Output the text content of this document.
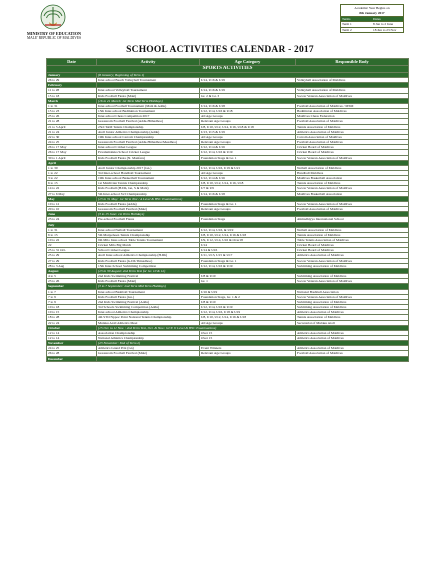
MINISTRY OF EDUCATION
MALE' REPUBLIC OF MALDIVES
Academic Year Begins on
8th January 2017
Terms	Dates
Term 1	8 Jan to 2 June
Term 2	18 Jun to 23 Nov
SCHOOL ACTIVITIES CALENDAR - 2017
Date	Activity	Age Category	Responsible Body
SPORTS ACTIVITIES			
January	(8 January; Beginning of Term 1)		
26 to 29	Inter-school Beach Volleyball Tournament	U14, U16 & U19	Volleyball Association of Maldives
February			
11 to 28	Inter-school Volleyball Tournament	U14, U16 & U19	Volleyball Association of Maldives
15 to 18	Kids Football Fiesta (Malé)	Gr. 2 & Gr. 3	Soccer Veteran Association of Maldives
March	(16 to 21 March: 1st Term Mid Term Holidays)		
1 to 31	Inter-school Football Tournament (Malé & Addu)	U14, U16 & U18	Football Association of Maldives / MSM
15 to 23	15th Inter-school Badminton Tournament	U12, U14, U16 & U18	Badminton Association of Maldives
25 to 26	Inter-school Chess Competition 2017	All Age Groups	Maldives Chess Federation
21 to 28	Greaterom Football Festival (Addu-Hithadhoo)	Relevant Age Groups	Football Association of Maldives
21 to 5 April	23rd TAM Tennis Championship	U8, U10, U12, U14, U16, U18 & U18	Tennis Association of Maldives
21 to 24	Atoll Junior Athletics Championship (Addu)	U13, U15 & U19	Athletics Association of Maldives
22 to 30	19th Inter-school Carrom Championship	All Age Groups	Carrom Association of Maldives
24 to 25	Greaterom Football Festival (Addu-Hithadhoo/Meedhoo)	Relevant Age Groups	Football Association of Maldives
26 to 17 May	Inter-school Cricket League	U12, U14 & U16	Cricket Board of Maldives
26 to 17 May	Pavalumaluka School Cricket League	U12, U14, U16 & U19	Cricket Board of Maldives
30 to 1 April	Kids Football Fiesta (N. Manfaru)	Foundation Stage & Gr. 1	Soccer Veteran Association of Maldives
April			
1 to 30	Atoll Junior Championship 2017 (Gn.)	U12, U14, U16, U19 & U21	Netball Association of Maldives
1 to 22	3rd Inter-school Handball Tournament	All Age Groups	Handball Maldives
3 to 22	19th Inter-school Basketball Tournament	U12, U14 & U16	Maldives Basketball Association
6 to 15	1st Maldivian Tennis Championship	U8, U10, U12, U14, U16, U18	Tennis Association of Maldives
14 to 22	Kids Football (H.Dh, Gn, S & Malé)	U7 & U9	Soccer Veteran Association of Maldives
27 to 6 May	5th Inter-school 3x3 Championship	U14, U16 & U18	Maldives Basketball Association
May	(13 to 31 May: 1st Term Test / A Level & HSC Examinations)		
10 to 12	Kids Football Fiesta (Addu)	Foundation Stage & Gr. 1	Soccer Veteran Association of Maldives
20 to 10	Greaterom Football Festival (Malé)	Relevant Age Groups	Football Association of Maldives
June	(3 to 15 June: 1st Term Holidays)		
23 to 24	Pre-school Football Fiesta	Foundation Stage	Ahmadhiyya International School
July			
1 to 31	Inter-school Netball Tournament	U12, U14, U16, & U19	Netball Association of Maldives
6 to 15	5th Manyebeen Tennis Championship	U8, U10, U12, U14, U16 & U18	Tennis Association of Maldives
10 to 22	9th Milo Inter-school Table Tennis Tournament	U9, U12, U14, U16 & Over18	Table Tennis Association of Maldives
22	Cricket Milo Big Match	U14	Cricket Board of Maldives
25 to 31 Oct.	School Cricket League	U14 & U16	Cricket Board of Maldives
25 to 29	Atoll Inter-school Athletics Championship (H.Dh)	U11, U13, U15 & U17	Athletics Association of Maldives
27 to 29	Kids Football Fiesta (G.Dh Thinadhoo)	Foundation Stage & Gr. 1	Soccer Veteran Association of Maldives
28 to 3 Aug	15th Inter-School Swimming Competition	U12, U14, U16 & U19	Swimming Association of Maldives
August	(13 to 30 August: 2nd Term Test for Gr. 10 & 12)		
4 to 5	2nd Kids Swimming Festival	U8 & U10	Swimming Association of Maldives
23 to 26	Kids Football Fiesta (Malé)	Gr. 1	Soccer Veteran Association of Maldives
September	(3 to 7 September: 2nd Term Mid Term Holidays)		
1 to 7	Inter-school Bashball Tournament	U16 & U19	National Bashball Association
7 to 9	Kids Football Fiesta (Gn.)	Foundation Stage, Gr. 1 & 2	Soccer Veteran Association of Maldives
7 to 9	2nd Kids Swimming Festival (Addu)	U8 & U10	Swimming Association of Maldives
10 to 18	3rd Schools Swimming Competition (Addu)	U12, U14, U16 & U19	Swimming Association of Maldives
10 to 15	Inter-school Athletics Championship	U12, U14, U16, U18 & U19	Athletics Association of Maldives
18 to 28	4th STO Nppoz Point National Tennis Championship	U8, U10, U12, U14, U16 & U18	Tennis Association of Maldives
22 to 24	Mulaku Atoll Athletics Meet	All Age Groups	Secretariat of Mulaku Atoll
October	(15 Oct. to 11 Nov. : 2nd Term Test, Oct. & Nov.: GCE O Level & HSC Examinations)		
12 to 14	Association Championship	Over 15	Athletics Association of Maldives
12 to 14	National Athletics Championship	Over 15	Athletics Association of Maldives
November	(23 November: End of Term 2)		
24 to 25	Athletics Grand Prix (Gn)	Event Winners	Athletics Association of Maldives
26 to 28	Greaterom Football Festival (Malé)	Relevant Age Groups	Football Association of Maldives
December			
